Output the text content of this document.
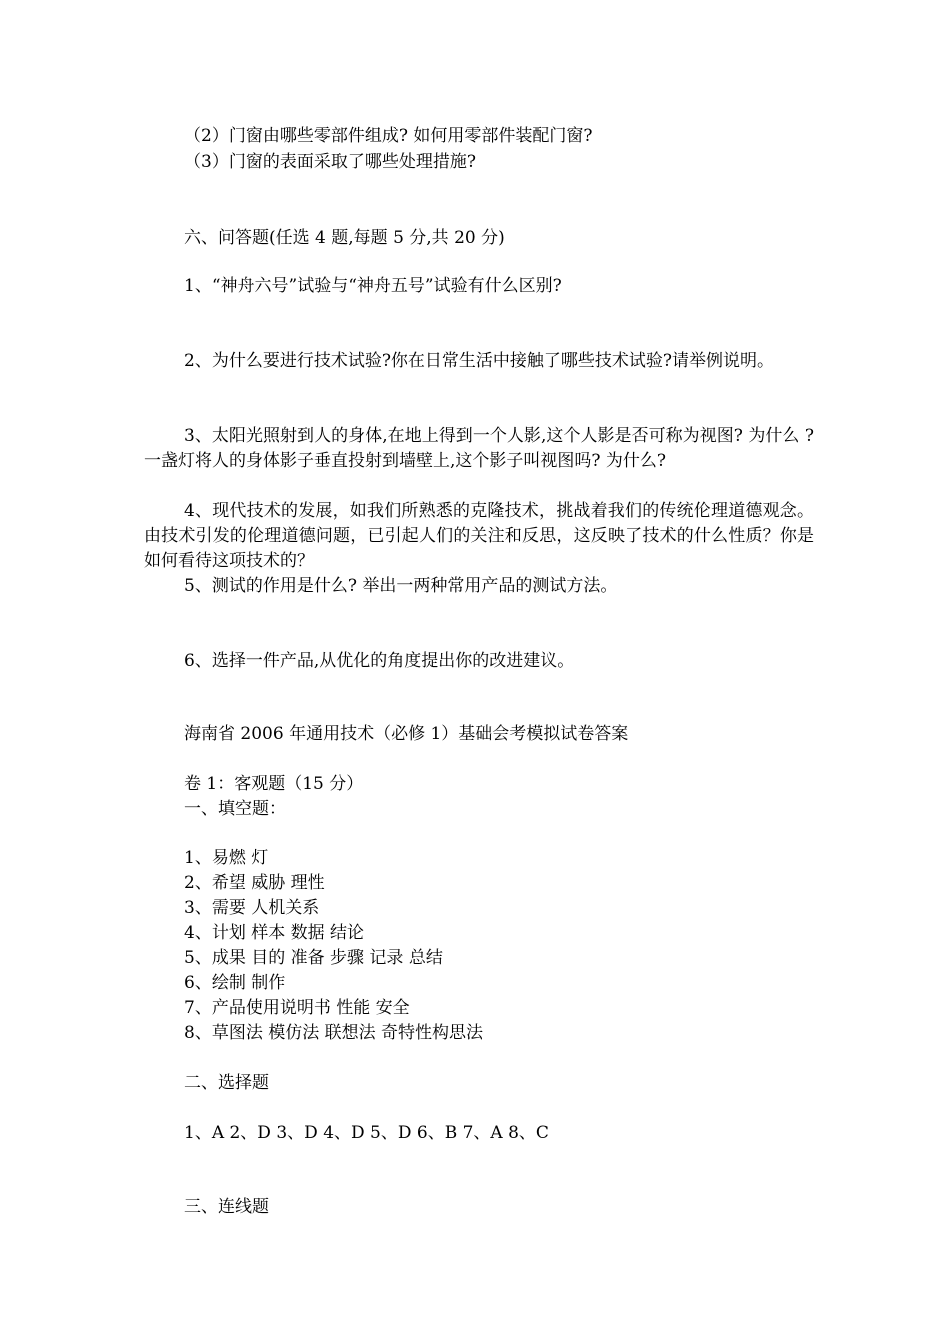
（2）门窗由哪些零部件组成? 如何用零部件装配门窗?
（3）门窗的表面采取了哪些处理措施?
六、问答题(任选 4 题,每题 5 分,共 20 分)
1、“神舟六号”试验与“神舟五号”试验有什么区别?
2、为什么要进行技术试验?你在日常生活中接触了哪些技术试验?请举例说明。
3、太阳光照射到人的身体,在地上得到一个人影,这个人影是否可称为视图? 为什么 ?一盏灯将人的身体影子垂直投射到墙壁上,这个影子叫视图吗? 为什么?
4、现代技术的发展，如我们所熟悉的克隆技术，挑战着我们的传统伦理道德观念。由技术引发的伦理道德问题，已引起人们的关注和反思，这反映了技术的什么性质？你是如何看待这项技术的？
5、测试的作用是什么? 举出一两种常用产品的测试方法。
6、选择一件产品,从优化的角度提出你的改进建议。
海南省 2006 年通用技术（必修 1）基础会考模拟试卷答案
卷 1：客观题（15 分）
一、填空题：
1、易燃 灯
2、希望 威胁 理性
3、需要 人机关系
4、计划 样本 数据 结论
5、成果 目的 准备 步骤 记录 总结
6、绘制 制作
7、产品使用说明书 性能 安全
8、草图法 模仿法 联想法 奇特性构思法
二、选择题
1、A 2、D 3、D 4、D 5、D 6、B 7、A 8、C
三、连线题
